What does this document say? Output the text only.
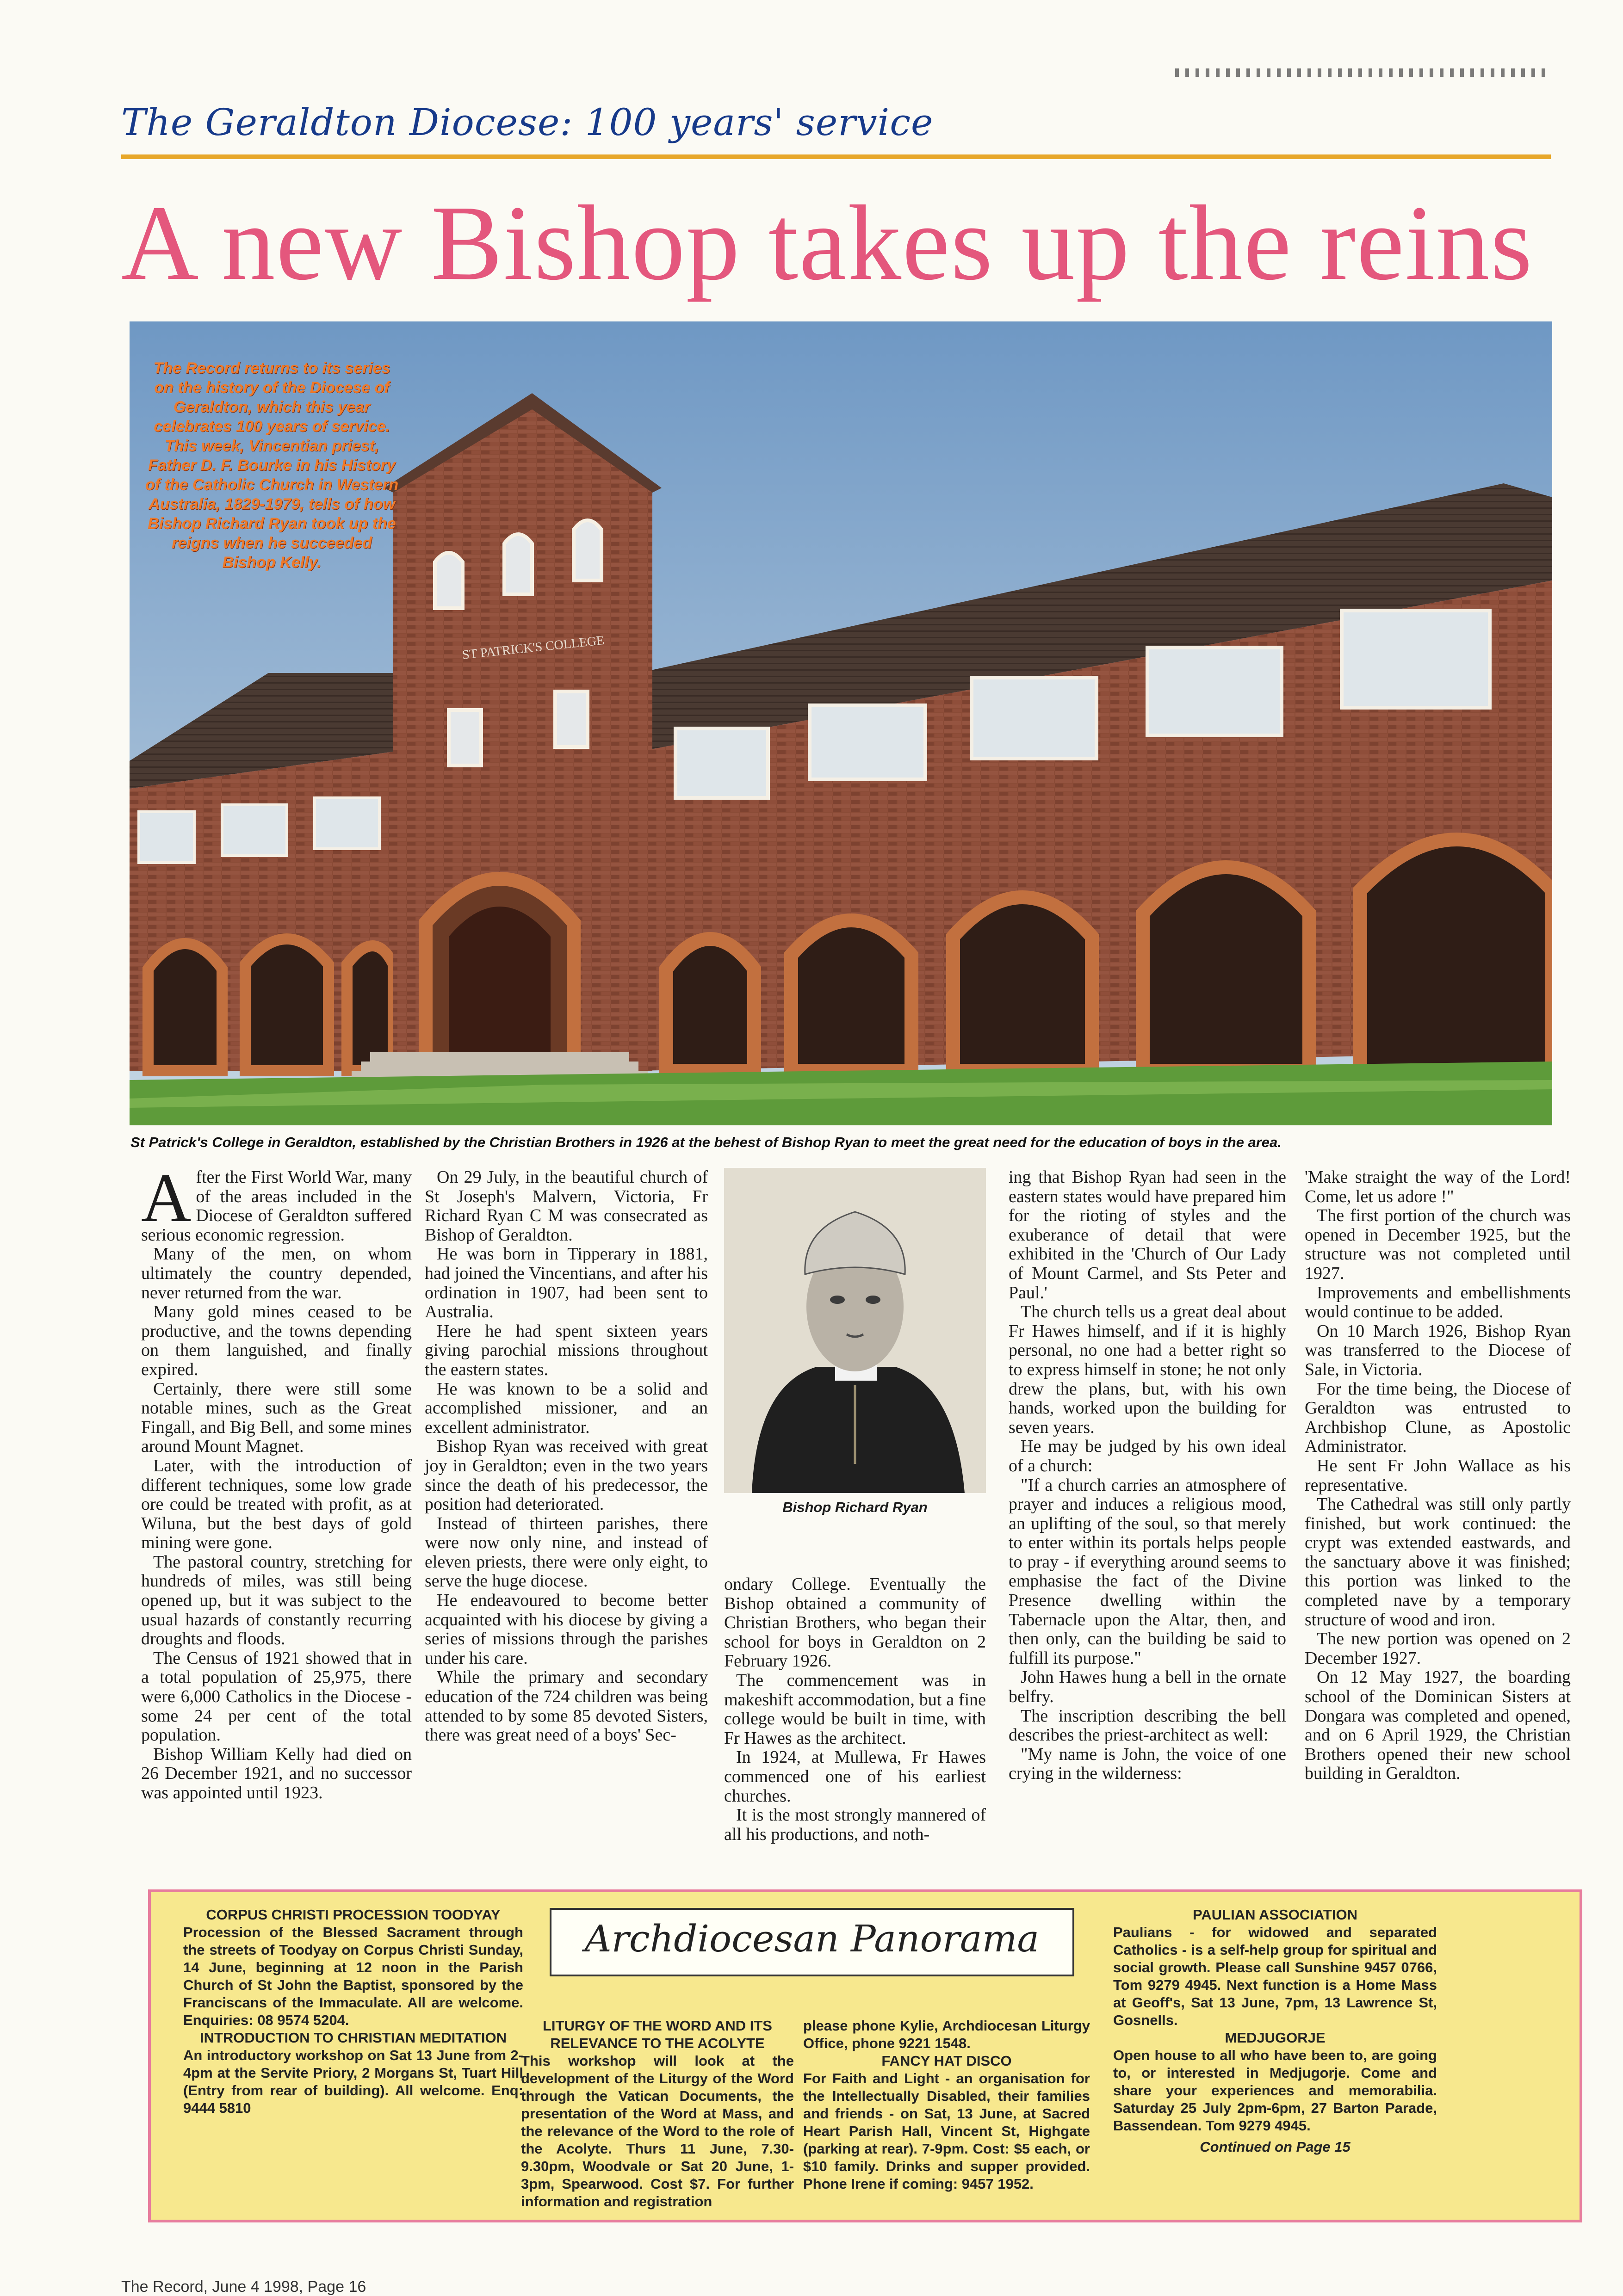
The Geraldton Diocese: 100 years' service
A new Bishop takes up the reins
ST PATRICK'S COLLEGE
The Record returns to its series on the history of the Diocese of Geraldton, which this year celebrates 100 years of service. This week, Vincentian priest, Father D. F. Bourke in his History of the Catholic Church in Western Australia, 1829-1979, tells of how Bishop Richard Ryan took up the reigns when he succeeded Bishop Kelly.
St Patrick's College in Geraldton, established by the Christian Brothers in 1926 at the behest of Bishop Ryan to meet the great need for the education of boys in the area.

After the First World War, many of the areas included in the Diocese of Geraldton suffered serious economic regression.

Many of the men, on whom ultimately the country depended, never returned from the war.

Many gold mines ceased to be productive, and the towns depending on them languished, and finally expired.

Certainly, there were still some notable mines, such as the Great Fingall, and Big Bell, and some mines around Mount Magnet.

Later, with the introduction of different techniques, some low grade ore could be treated with profit, as at Wiluna, but the best days of gold mining were gone.

The pastoral country, stretching for hundreds of miles, was still being opened up, but it was subject to the usual hazards of constantly recurring droughts and floods.

The Census of 1921 showed that in a total population of 25,975, there were 6,000 Catholics in the Diocese - some 24 per cent of the total population.

Bishop William Kelly had died on 26 December 1921, and no successor was appointed until 1923.

On 29 July, in the beautiful church of St Joseph's Malvern, Victoria, Fr Richard Ryan C M was consecrated as Bishop of Geraldton.

He was born in Tipperary in 1881, had joined the Vincentians, and after his ordination in 1907, had been sent to Australia.

Here he had spent sixteen years giving parochial missions throughout the eastern states.

He was known to be a solid and accomplished missioner, and an excellent administrator.

Bishop Ryan was received with great joy in Geraldton; even in the two years since the death of his predecessor, the position had deteriorated.

Instead of thirteen parishes, there were now only nine, and instead of eleven priests, there were only eight, to serve the huge diocese.

He endeavoured to become better acquainted with his diocese by giving a series of missions through the parishes under his care.

While the primary and secondary education of the 724 children was being attended to by some 85 devoted Sisters, there was great need of a boys' Sec-

Bishop Richard Ryan

ondary College. Eventually the Bishop obtained a community of Christian Brothers, who began their school for boys in Geraldton on 2 February 1926.

The commencement was in makeshift accommodation, but a fine college would be built in time, with Fr Hawes as the architect.

In 1924, at Mullewa, Fr Hawes commenced one of his earliest churches.

It is the most strongly mannered of all his productions, and noth-

ing that Bishop Ryan had seen in the eastern states would have prepared him for the rioting of styles and the exuberance of detail that were exhibited in the 'Church of Our Lady of Mount Carmel, and Sts Peter and Paul.'

The church tells us a great deal about Fr Hawes himself, and if it is highly personal, no one had a better right so to express himself in stone; he not only drew the plans, but, with his own hands, worked upon the building for seven years.

He may be judged by his own ideal of a church:

"If a church carries an atmosphere of prayer and induces a religious mood, an uplifting of the soul, so that merely to enter within its portals helps people to pray - if everything around seems to emphasise the fact of the Divine Presence dwelling within the Tabernacle upon the Altar, then, and then only, can the building be said to fulfill its purpose."

John Hawes hung a bell in the ornate belfry.

The inscription describing the bell describes the priest-architect as well:

"My name is John, the voice of one crying in the wilderness:

'Make straight the way of the Lord! Come, let us adore !"

The first portion of the church was opened in December 1925, but the structure was not completed until 1927.

Improvements and embellishments would continue to be added.

On 10 March 1926, Bishop Ryan was transferred to the Diocese of Sale, in Victoria.

For the time being, the Diocese of Geraldton was entrusted to Archbishop Clune, as Apostolic Administrator.

He sent Fr John Wallace as his representative.

The Cathedral was still only partly finished, but work continued: the crypt was extended eastwards, and the sanctuary above it was finished; this portion was linked to the completed nave by a temporary structure of wood and iron.

The new portion was opened on 2 December 1927.

On 12 May 1927, the boarding school of the Dominican Sisters at Dongara was completed and opened, and on 6 April 1929, the Christian Brothers opened their new school building in Geraldton.

Archdiocesan Panorama
CORPUS CHRISTI PROCESSION TOODYAY

Procession of the Blessed Sacrament through the streets of Toodyay on Corpus Christi Sunday, 14 June, beginning at 12 noon in the Parish Church of St John the Baptist, sponsored by the Franciscans of the Immaculate. All are welcome. Enquiries: 08 9574 5204.

INTRODUCTION TO CHRISTIAN MEDITATION

An introductory workshop on Sat 13 June from 2-4pm at the Servite Priory, 2 Morgans St, Tuart Hill (Entry from rear of building). All welcome. Enq: 9444 5810

LITURGY OF THE WORD AND ITS RELEVANCE TO THE ACOLYTE

This workshop will look at the development of the Liturgy of the Word through the Vatican Documents, the presentation of the Word at Mass, and the relevance of the Word to the role of the Acolyte. Thurs 11 June, 7.30-9.30pm, Woodvale or Sat 20 June, 1-3pm, Spearwood. Cost $7. For further information and registration

please phone Kylie, Archdiocesan Liturgy Office, phone 9221 1548.

FANCY HAT DISCO

For Faith and Light - an organisation for the Intellectually Disabled, their families and friends - on Sat, 13 June, at Sacred Heart Parish Hall, Vincent St, Highgate (parking at rear). 7-9pm. Cost: $5 each, or $10 family. Drinks and supper provided. Phone Irene if coming: 9457 1952.

PAULIAN ASSOCIATION

Paulians - for widowed and separated Catholics - is a self-help group for spiritual and social growth. Please call Sunshine 9457 0766, Tom 9279 4945. Next function is a Home Mass at Geoff's, Sat 13 June, 7pm, 13 Lawrence St, Gosnells.

MEDJUGORJE

Open house to all who have been to, are going to, or interested in Medjugorje. Come and share your experiences and memorabilia. Saturday 25 July 2pm-6pm, 27 Barton Parade, Bassendean. Tom 9279 4945.

Continued on Page 15
The Record, June 4 1998, Page 16
